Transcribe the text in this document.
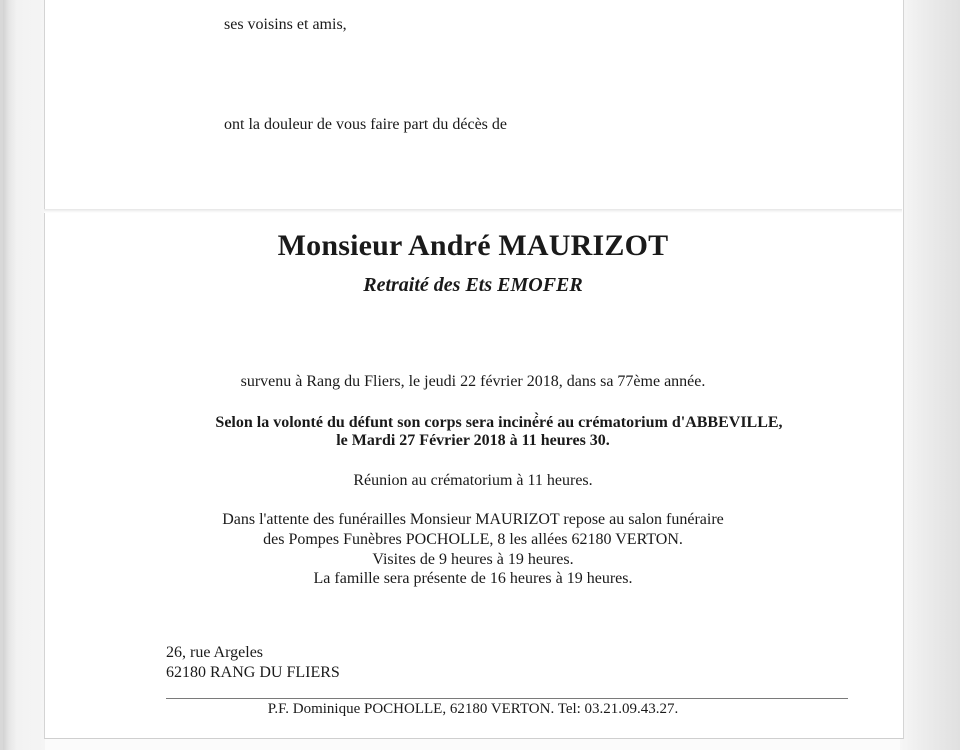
ses voisins et amis,
ont la douleur de vous faire part du décès de
Monsieur André MAURIZOT
Retraité des Ets EMOFER
survenu à Rang du Fliers, le jeudi 22 février 2018, dans sa 77ème année.
Selon la volonté du défunt son corps sera inciné̀ré au crématorium d'ABBEVILLE,
le Mardi 27 Février 2018 à 11 heures 30.
Réunion au crématorium à 11 heures.
Dans l'attente des funérailles Monsieur MAURIZOT repose au salon funéraire
des Pompes Funèbres POCHOLLE, 8 les allées 62180 VERTON.
Visites de 9 heures à 19 heures.
La famille sera présente de 16 heures à 19 heures.
26, rue Argeles
62180 RANG DU FLIERS
P.F. Dominique POCHOLLE, 62180 VERTON. Tel: 03.21.09.43.27.
